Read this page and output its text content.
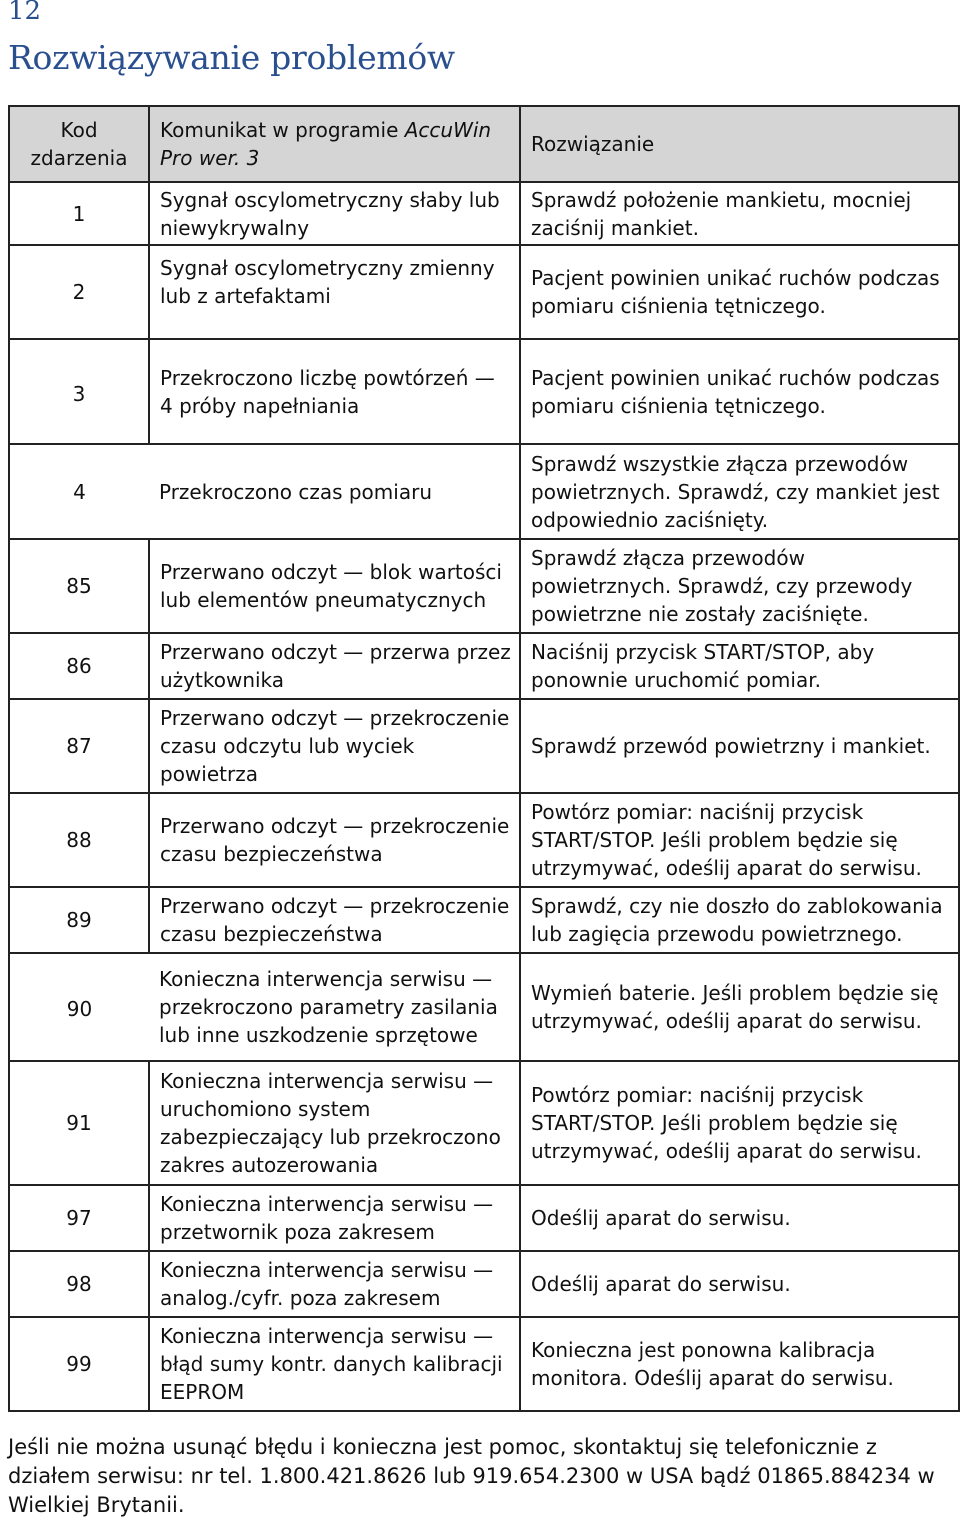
12
Rozwiązywanie problemów
Kod zdarzenia	Komunikat w programie AccuWin Pro wer. 3	Rozwiązanie
1	Sygnał oscylometryczny słaby lub niewykrywalny	Sprawdź położenie mankietu, mocniej zaciśnij mankiet.
2	Sygnał oscylometryczny zmienny lub z artefaktami	Pacjent powinien unikać ruchów podczas pomiaru ciśnienia tętniczego.
3	Przekroczono liczbę powtórzeń — 4 próby napełniania	Pacjent powinien unikać ruchów podczas pomiaru ciśnienia tętniczego.
4	Przekroczono czas pomiaru	Sprawdź wszystkie złącza przewodów powietrznych. Sprawdź, czy mankiet jest odpowiednio zaciśnięty.
85	Przerwano odczyt — blok wartości lub elementów pneumatycznych	Sprawdź złącza przewodów powietrznych. Sprawdź, czy przewody powietrzne nie zostały zaciśnięte.
86	Przerwano odczyt — przerwa przez użytkownika	Naciśnij przycisk START/STOP, aby ponownie uruchomić pomiar.
87	Przerwano odczyt — przekroczenie czasu odczytu lub wyciek powietrza	Sprawdź przewód powietrzny i mankiet.
88	Przerwano odczyt — przekroczenie czasu bezpieczeństwa	Powtórz pomiar: naciśnij przycisk START/STOP. Jeśli problem będzie się utrzymywać, odeślij aparat do serwisu.
89	Przerwano odczyt — przekroczenie czasu bezpieczeństwa	Sprawdź, czy nie doszło do zablokowania lub zagięcia przewodu powietrznego.
90	Konieczna interwencja serwisu — przekroczono parametry zasilania lub inne uszkodzenie sprzętowe	Wymień baterie. Jeśli problem będzie się utrzymywać, odeślij aparat do serwisu.
91	Konieczna interwencja serwisu — uruchomiono system zabezpieczający lub przekroczono zakres autozerowania	Powtórz pomiar: naciśnij przycisk START/STOP. Jeśli problem będzie się utrzymywać, odeślij aparat do serwisu.
97	Konieczna interwencja serwisu — przetwornik poza zakresem	Odeślij aparat do serwisu.
98	Konieczna interwencja serwisu — analog./cyfr. poza zakresem	Odeślij aparat do serwisu.
99	Konieczna interwencja serwisu — błąd sumy kontr. danych kalibracji EEPROM	Konieczna jest ponowna kalibracja monitora. Odeślij aparat do serwisu.
Jeśli nie można usunąć błędu i konieczna jest pomoc, skontaktuj się telefonicznie z działem serwisu: nr tel. 1.800.421.8626 lub 919.654.2300 w USA bądź 01865.884234 w Wielkiej Brytanii.
